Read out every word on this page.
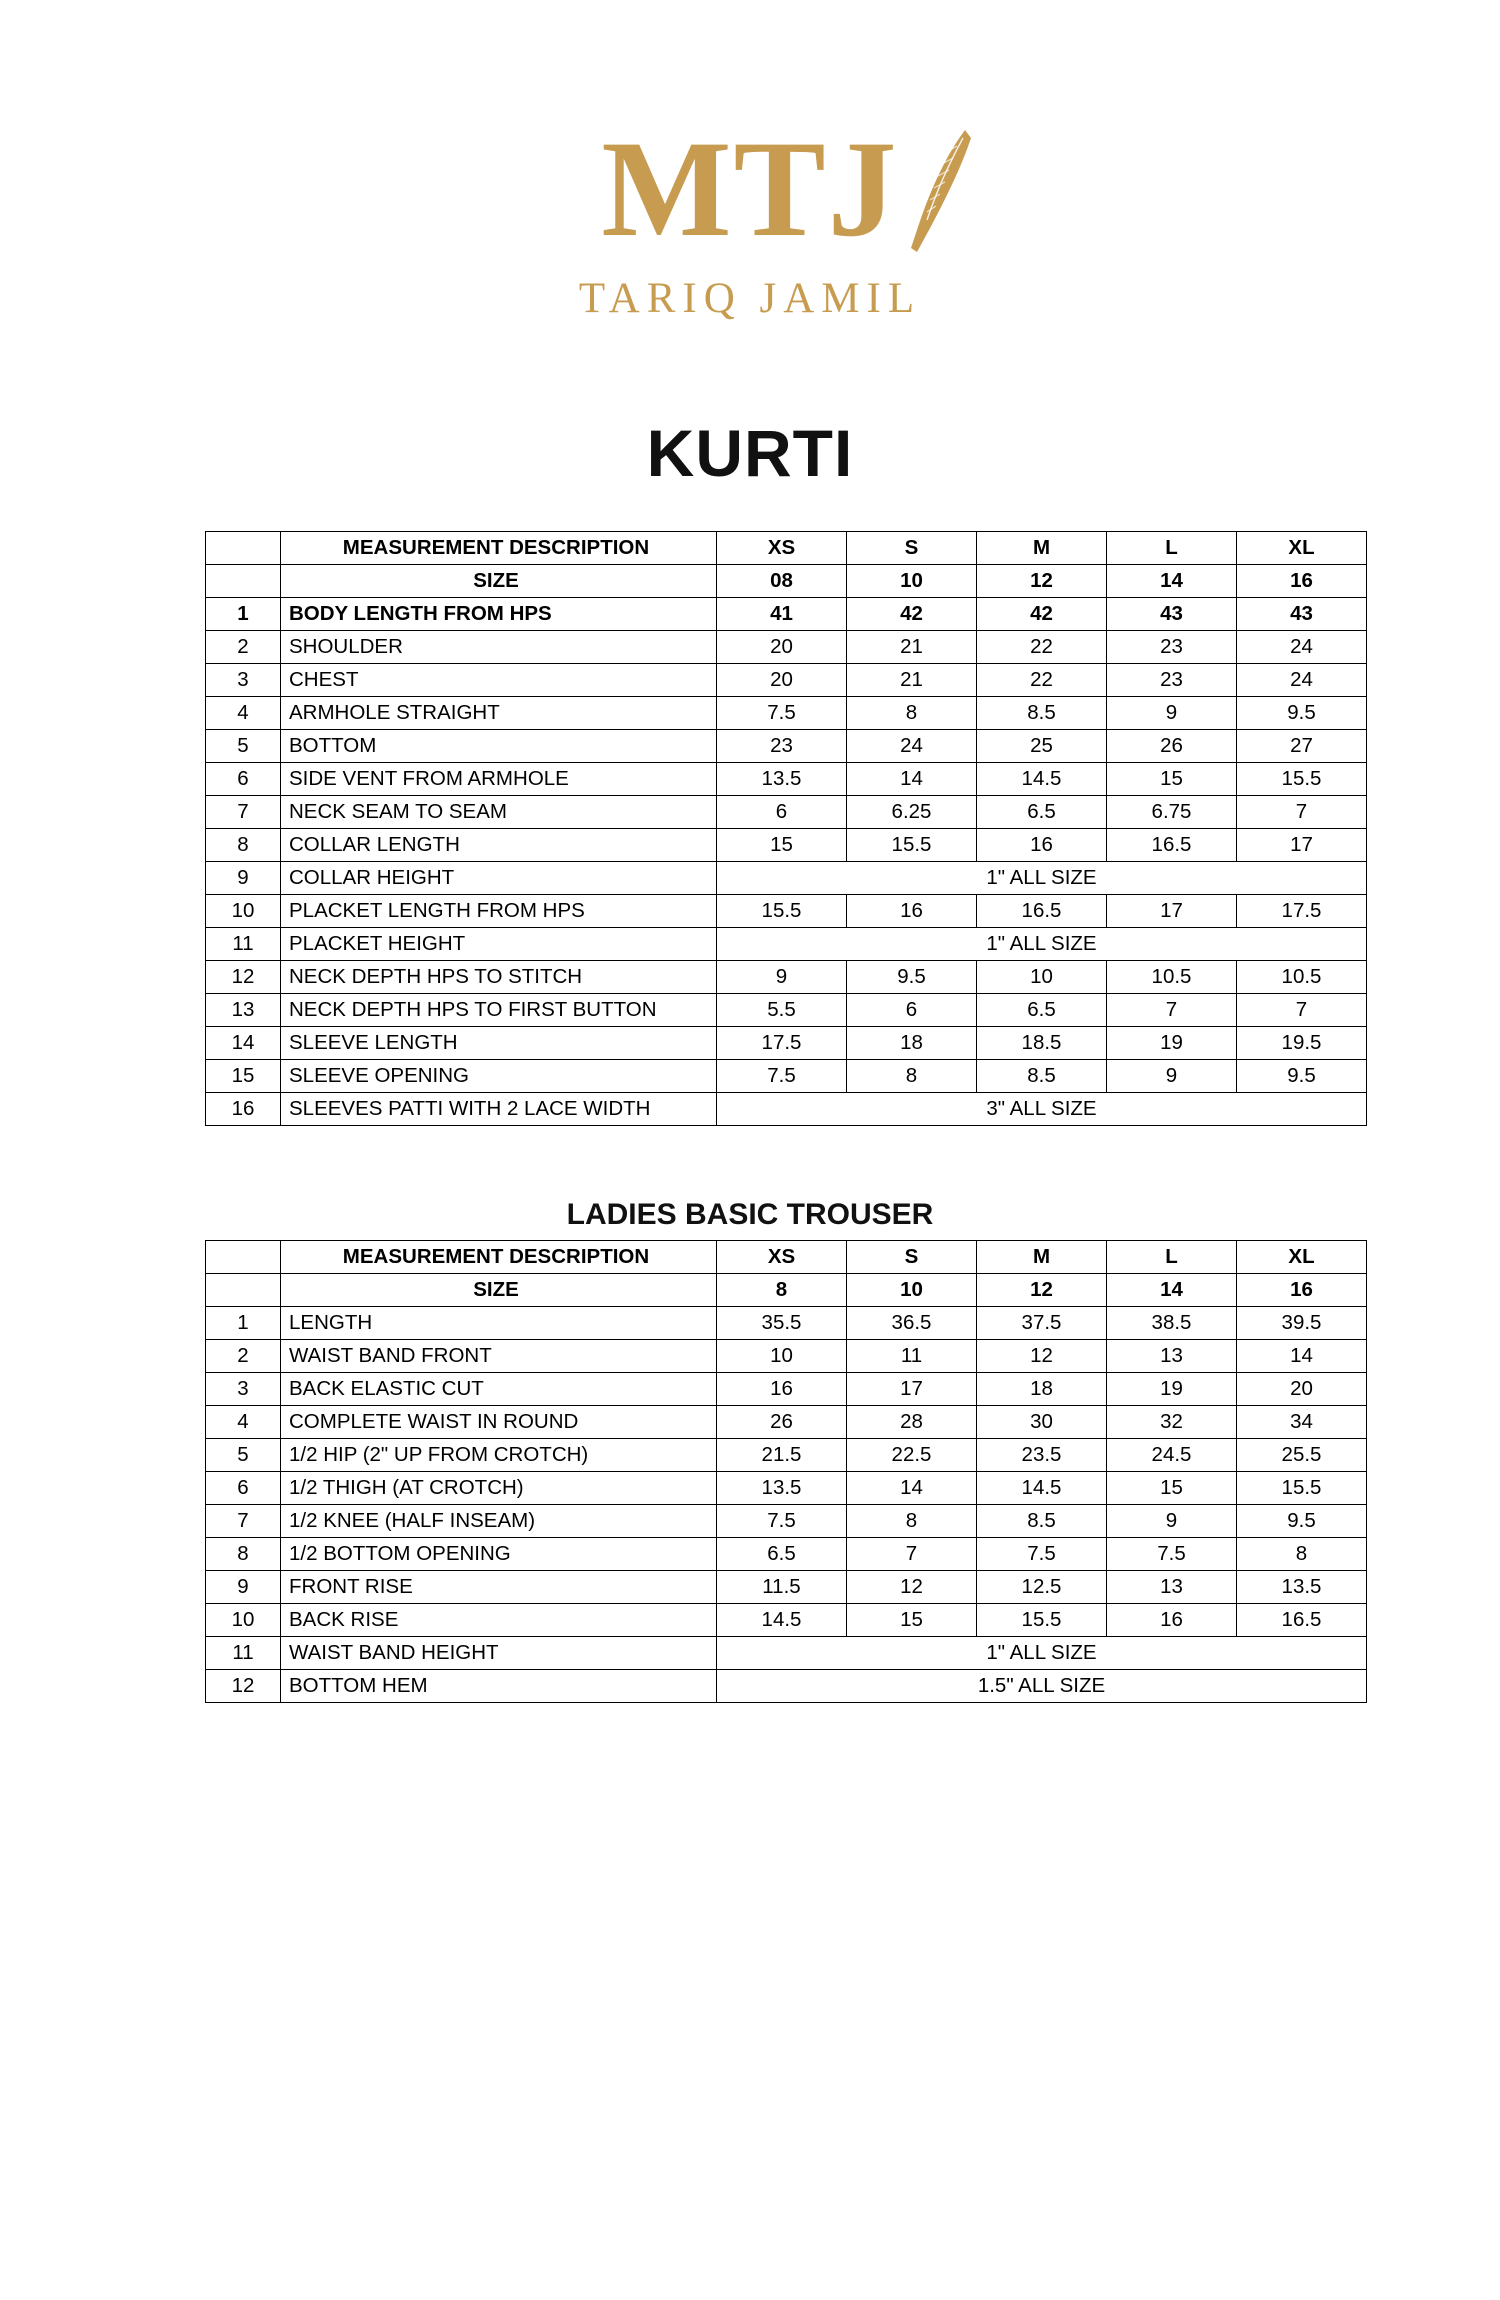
MTJ
TARIQ JAMIL
KURTI
	MEASUREMENT DESCRIPTION	XS	S	M	L	XL
	SIZE	08	10	12	14	16
1	BODY LENGTH FROM HPS	41	42	42	43	43
2	SHOULDER	20	21	22	23	24
3	CHEST	20	21	22	23	24
4	ARMHOLE STRAIGHT	7.5	8	8.5	9	9.5
5	BOTTOM	23	24	25	26	27
6	SIDE VENT FROM ARMHOLE	13.5	14	14.5	15	15.5
7	NECK SEAM TO SEAM	6	6.25	6.5	6.75	7
8	COLLAR LENGTH	15	15.5	16	16.5	17
9	COLLAR HEIGHT	1" ALL SIZE				
10	PLACKET LENGTH FROM HPS	15.5	16	16.5	17	17.5
11	PLACKET HEIGHT	1" ALL SIZE				
12	NECK DEPTH HPS TO STITCH	9	9.5	10	10.5	10.5
13	NECK DEPTH HPS TO FIRST BUTTON	5.5	6	6.5	7	7
14	SLEEVE LENGTH	17.5	18	18.5	19	19.5
15	SLEEVE OPENING	7.5	8	8.5	9	9.5
16	SLEEVES PATTI WITH 2 LACE WIDTH	3" ALL SIZE				
LADIES BASIC TROUSER
	MEASUREMENT DESCRIPTION	XS	S	M	L	XL
	SIZE	8	10	12	14	16
1	LENGTH	35.5	36.5	37.5	38.5	39.5
2	WAIST BAND FRONT	10	11	12	13	14
3	BACK ELASTIC CUT	16	17	18	19	20
4	COMPLETE WAIST IN ROUND	26	28	30	32	34
5	1/2 HIP (2" UP FROM CROTCH)	21.5	22.5	23.5	24.5	25.5
6	1/2 THIGH (AT CROTCH)	13.5	14	14.5	15	15.5
7	1/2 KNEE (HALF INSEAM)	7.5	8	8.5	9	9.5
8	1/2 BOTTOM OPENING	6.5	7	7.5	7.5	8
9	FRONT RISE	11.5	12	12.5	13	13.5
10	BACK RISE	14.5	15	15.5	16	16.5
11	WAIST BAND HEIGHT	1" ALL SIZE				
12	BOTTOM HEM	1.5" ALL SIZE				
